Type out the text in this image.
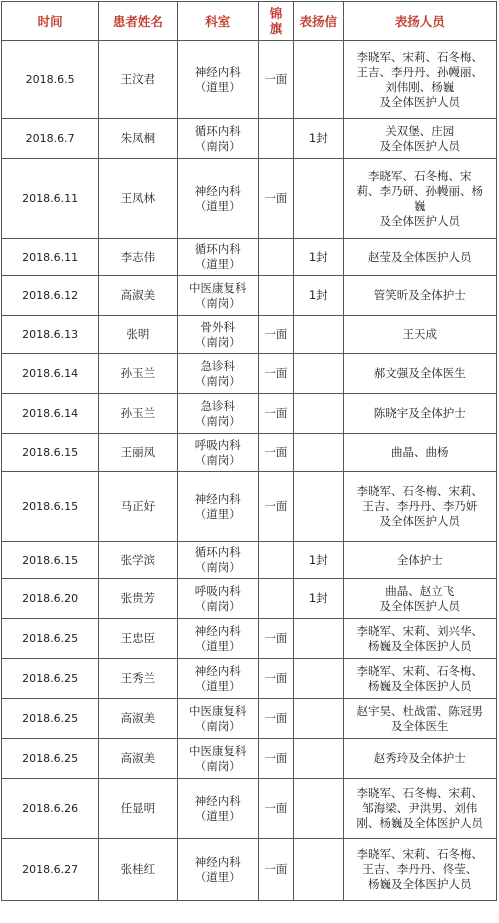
时间	患者姓名	科室	锦旗	表扬信	表扬人员
2018.6.5	王汶君	神经内科
（道里）	一面		李晓军、宋莉、石冬梅、
王吉、李丹丹、孙幔丽、
刘伟刚、杨巍
及全体医护人员
2018.6.7	朱凤桐	循环内科
（南岗）		1封	关双堡、庄园
及全体医护人员
2018.6.11	王凤林	神经内科
（道里）	一面		李晓军、石冬梅、宋
莉、李乃研、孙幔丽、杨
巍
及全体医护人员
2018.6.11	李志伟	循环内科
（道里）		1封	赵莹及全体医护人员
2018.6.12	高淑美	中医康复科
（南岗）		1封	管笑昕及全体护士
2018.6.13	张明	骨外科
（南岗）	一面		王天成
2018.6.14	孙玉兰	急诊科
（南岗）	一面		郝文强及全体医生
2018.6.14	孙玉兰	急诊科
（南岗）	一面		陈晓宇及全体护士
2018.6.15	王丽凤	呼吸内科
（南岗）	一面		曲晶、曲杨
2018.6.15	马正好	神经内科
（道里）	一面		李晓军、石冬梅、宋莉、
王吉、李丹丹、李乃妍
及全体医护人员
2018.6.15	张学滨	循环内科
（南岗）		1封	全体护士
2018.6.20	张贵芳	呼吸内科
（南岗）		1封	曲晶、赵立飞
及全体医护人员
2018.6.25	王忠臣	神经内科
（道里）	一面		李晓军、宋莉、刘兴华、
杨巍及全体医护人员
2018.6.25	王秀兰	神经内科
（道里）	一面		李晓军、宋莉、石冬梅、
杨巍及全体医护人员
2018.6.25	高淑美	中医康复科
（南岗）	一面		赵宇昊、杜战雷、陈冠男
及全体医生
2018.6.25	高淑美	中医康复科
（南岗）	一面		赵秀玲及全体护士
2018.6.26	任显明	神经内科
（道里）	一面		李晓军、石冬梅、宋莉、
邹海梁、尹洪男、刘伟
刚、杨巍及全体医护人员
2018.6.27	张桂红	神经内科
（道里）	一面		李晓军、宋莉、石冬梅、
王吉、李丹丹、佟莹、
杨巍及全体医护人员
